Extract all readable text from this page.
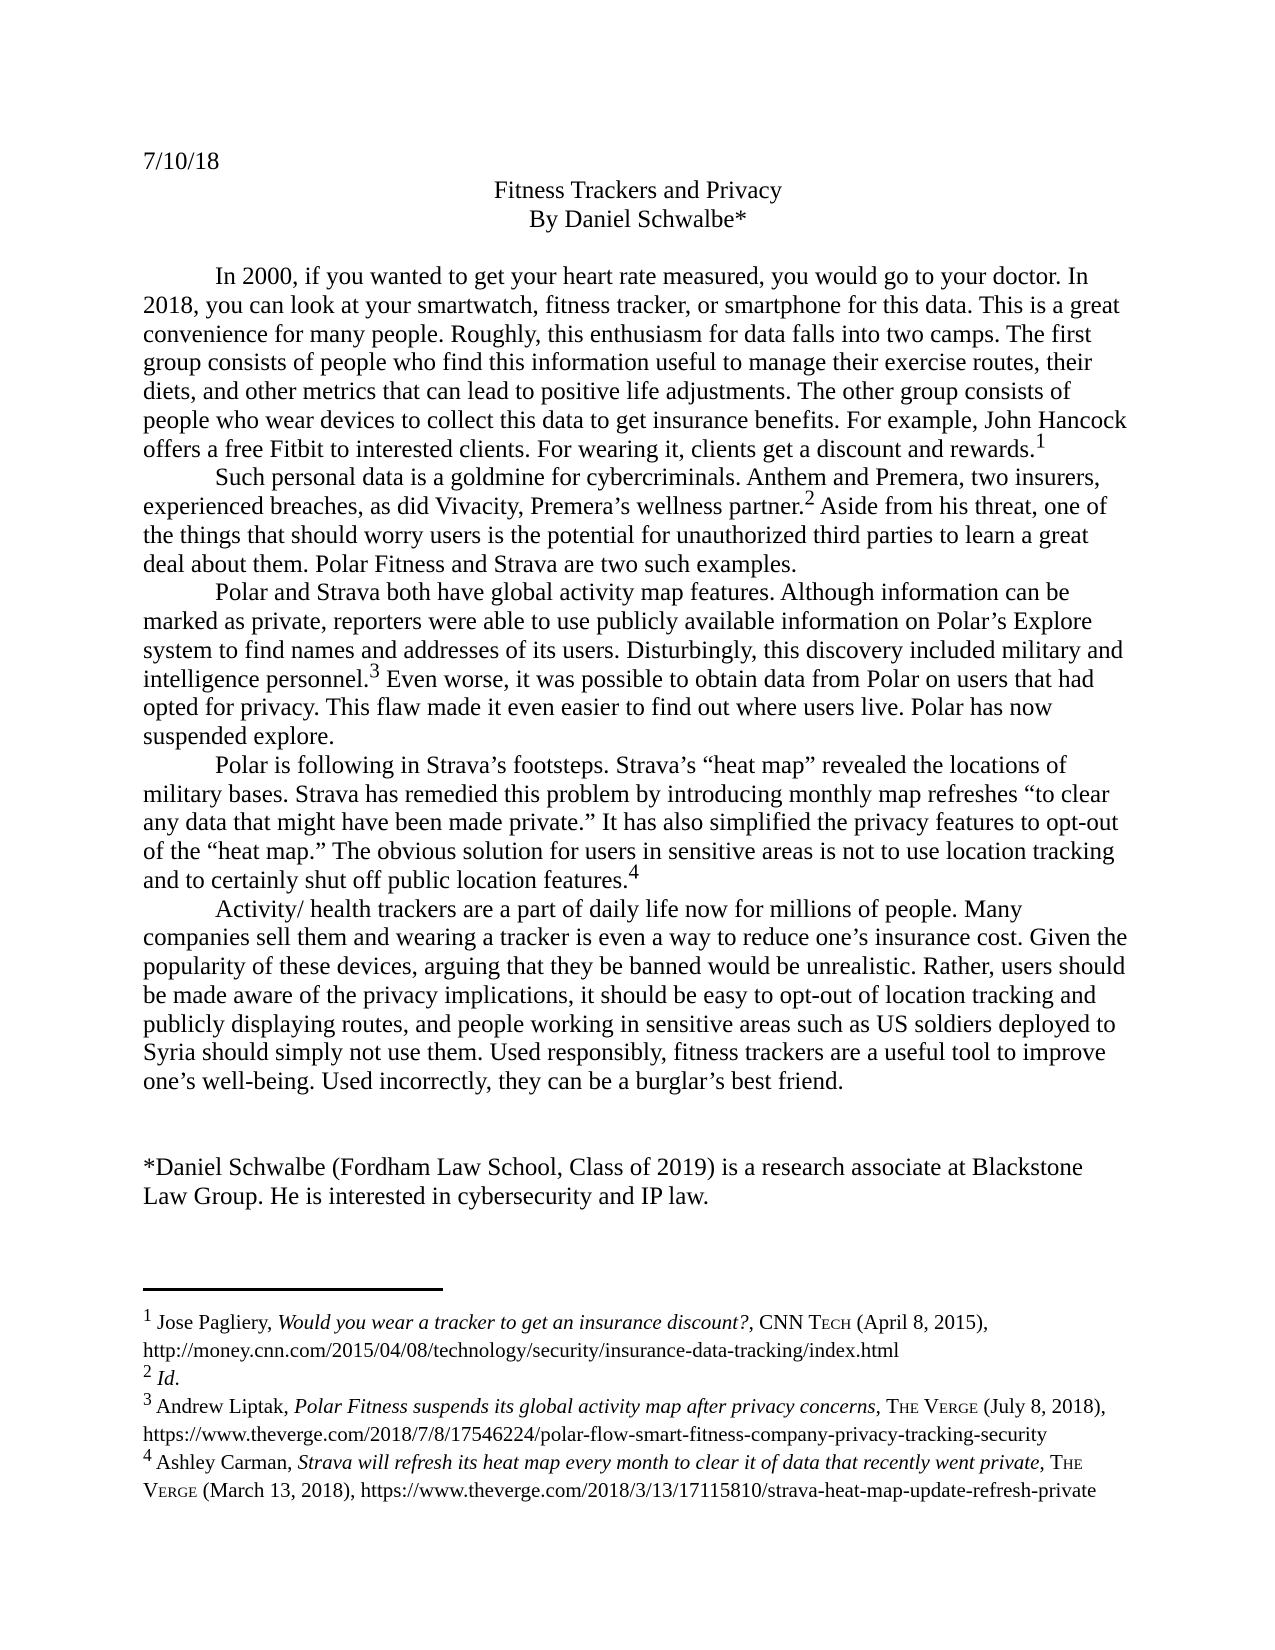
7/10/18
Fitness Trackers and Privacy
By Daniel Schwalbe*

In 2000, if you wanted to get your heart rate measured, you would go to your doctor. In 2018, you can look at your smartwatch, fitness tracker, or smartphone for this data. This is a great convenience for many people. Roughly, this enthusiasm for data falls into two camps. The first group consists of people who find this information useful to manage their exercise routes, their diets, and other metrics that can lead to positive life adjustments. The other group consists of people who wear devices to collect this data to get insurance benefits. For example, John Hancock offers a free Fitbit to interested clients. For wearing it, clients get a discount and rewards.$^1$

Such personal data is a goldmine for cybercriminals. Anthem and Premera, two insurers, experienced breaches, as did Vivacity, Premera’s wellness partner.$^2$ Aside from his threat, one of the things that should worry users is the potential for unauthorized third parties to learn a great deal about them. Polar Fitness and Strava are two such examples.

Polar and Strava both have global activity map features. Although information can be marked as private, reporters were able to use publicly available information on Polar’s Explore system to find names and addresses of its users. Disturbingly, this discovery included military and intelligence personnel.$^3$ Even worse, it was possible to obtain data from Polar on users that had opted for privacy. This flaw made it even easier to find out where users live. Polar has now suspended explore.

Polar is following in Strava’s footsteps. Strava’s “heat map” revealed the locations of military bases. Strava has remedied this problem by introducing monthly map refreshes “to clear any data that might have been made private.” It has also simplified the privacy features to opt-out of the “heat map.” The obvious solution for users in sensitive areas is not to use location tracking and to certainly shut off public location features.$^4$

Activity/ health trackers are a part of daily life now for millions of people. Many companies sell them and wearing a tracker is even a way to reduce one’s insurance cost. Given the popularity of these devices, arguing that they be banned would be unrealistic. Rather, users should be made aware of the privacy implications, it should be easy to opt-out of location tracking and publicly displaying routes, and people working in sensitive areas such as US soldiers deployed to Syria should simply not use them. Used responsibly, fitness trackers are a useful tool to improve one’s well-being. Used incorrectly, they can be a burglar’s best friend.

*Daniel Schwalbe (Fordham Law School, Class of 2019) is a research associate at Blackstone Law Group. He is interested in cybersecurity and IP law.
$^1$ Jose Pagliery, Would you wear a tracker to get an insurance discount?, CNN Tech (April 8, 2015), http://money.cnn.com/2015/04/08/technology/security/insurance-data-tracking/index.html
$^2$ Id.
$^3$ Andrew Liptak, Polar Fitness suspends its global activity map after privacy concerns, The Verge (July 8, 2018), https://www.theverge.com/2018/7/8/17546224/polar-flow-smart-fitness-company-privacy-tracking-security
$^4$ Ashley Carman, Strava will refresh its heat map every month to clear it of data that recently went private, The Verge (March 13, 2018), https://www.theverge.com/2018/3/13/17115810/strava-heat-map-update-refresh-private
